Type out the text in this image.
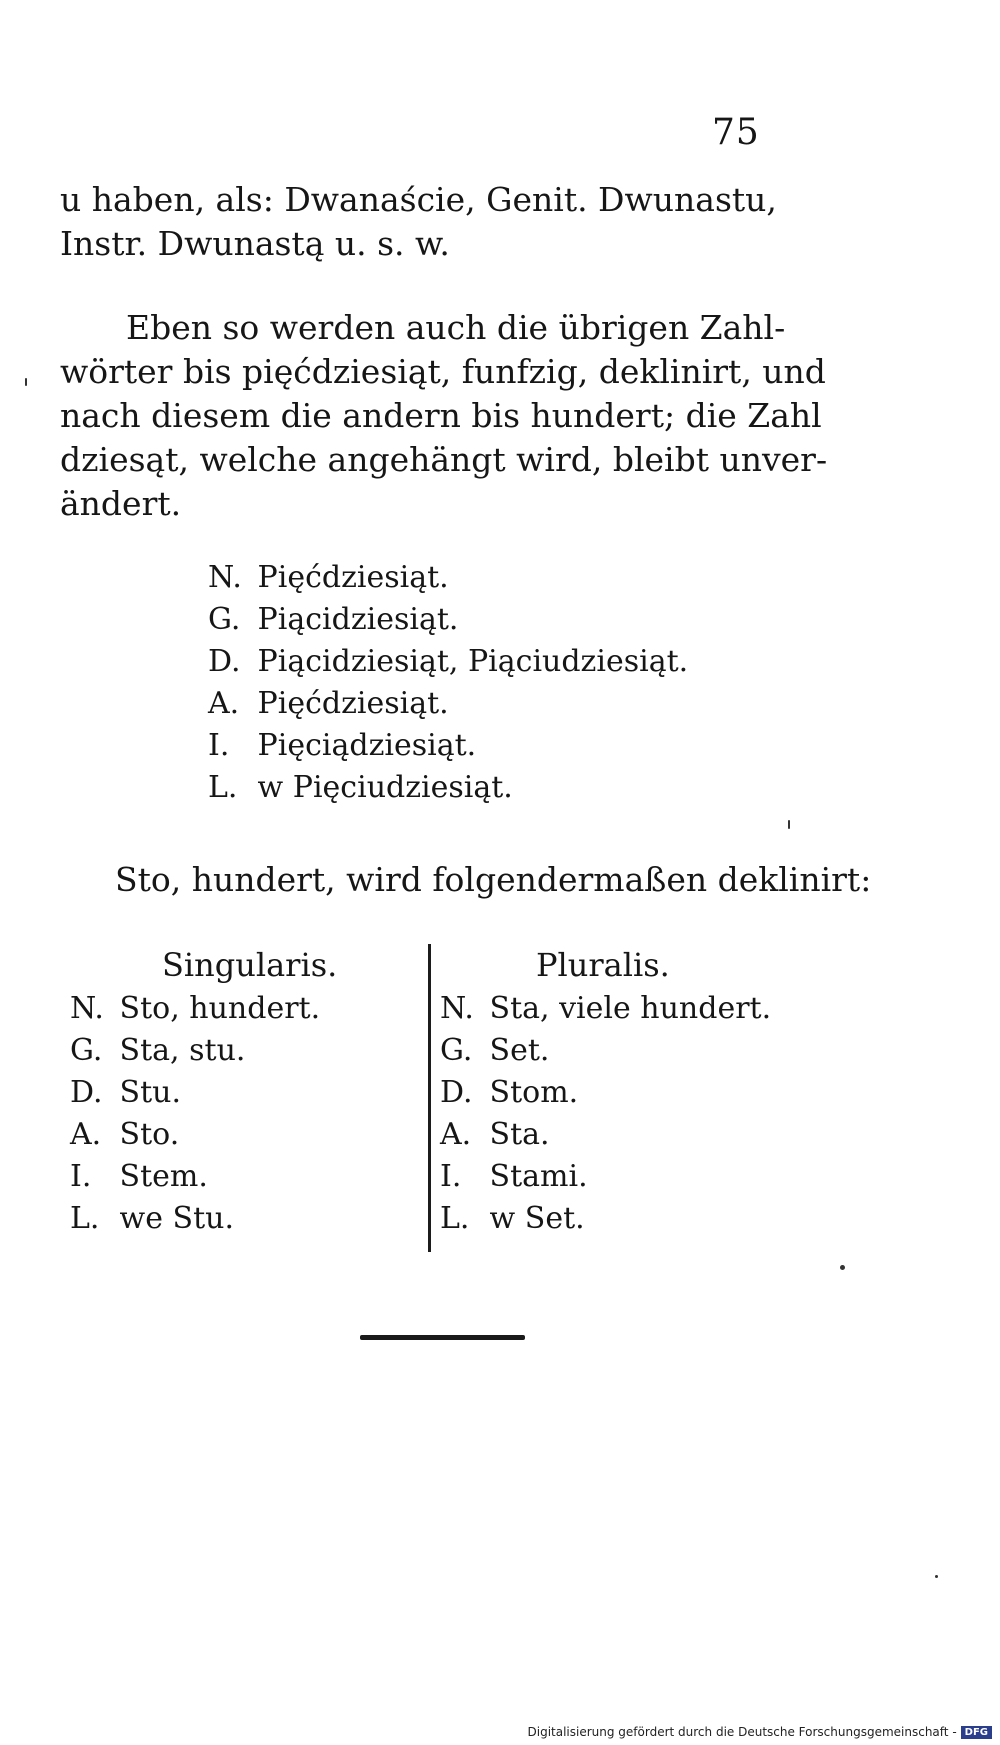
75
u haben, als: Dwanaście, Genit. Dwunastu,
Instr. Dwunastą u. s. w.
Eben so werden auch die übrigen Zahl-
wörter bis pięćdziesiąt, funfzig, deklinirt, und
nach diesem die andern bis hundert; die Zahl
dziesąt, welche angehängt wird, bleibt unver-
ändert.
N. Pięćdziesiąt.
G. Piącidziesiąt.
D. Piącidziesiąt, Piąciudziesiąt.
A. Pięćdziesiąt.
I. Pięciądziesiąt.
L. w Pięciudziesiąt.
Sto, hundert, wird folgendermaßen deklinirt:
Singularis.
N. Sto, hundert.
G. Sta, stu.
D. Stu.
A. Sto.
I. Stem.
L. we Stu.
Pluralis.
N. Sta, viele hundert.
G. Set.
D. Stom.
A. Sta.
I. Stami.
L. w Set.
Digitalisierung gefördert durch die Deutsche Forschungsgemeinschaft - DFG
